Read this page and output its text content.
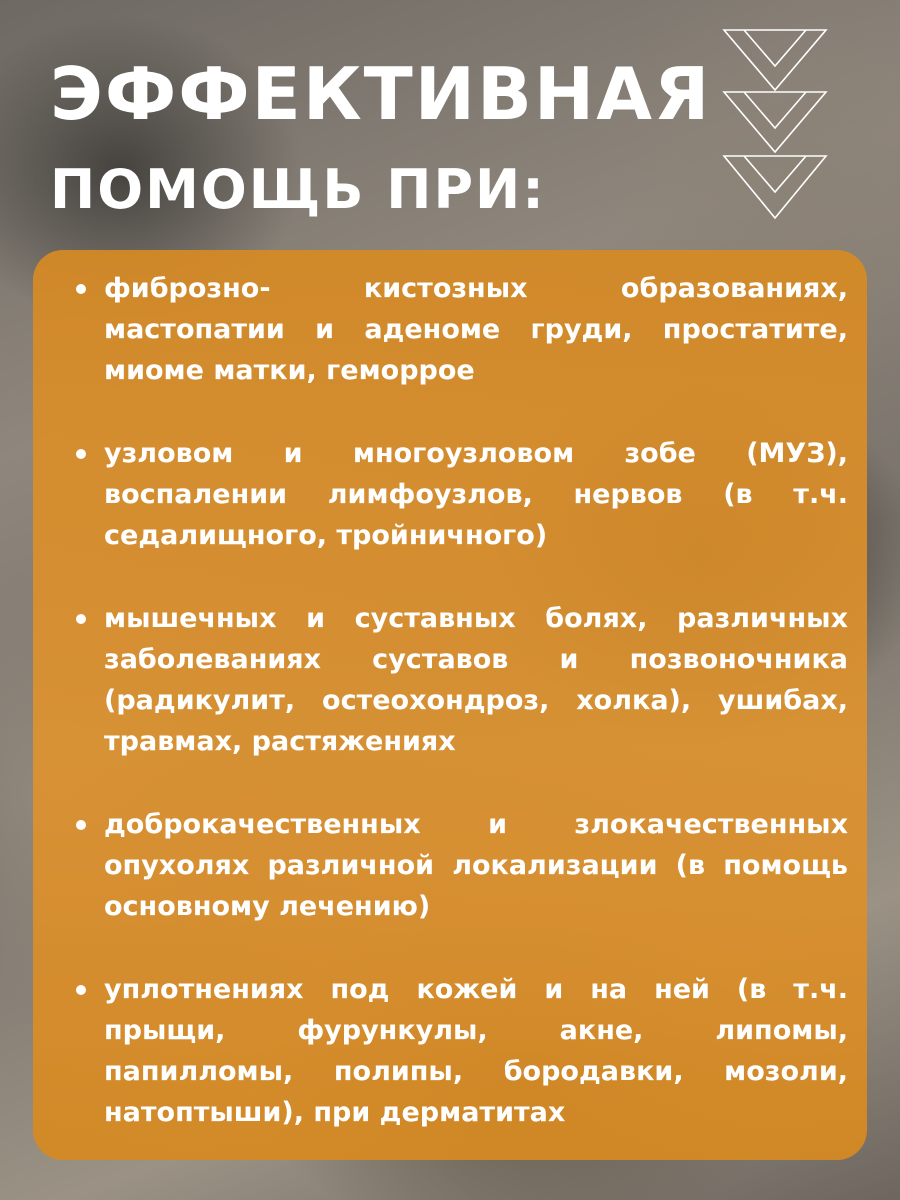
ЭФФЕКТИВНАЯ
ПОМОЩЬ ПРИ:
фиброзно- кистозных образованиях, мастопатии и аденоме груди, простатите, миоме матки, геморрое
узловом и многоузловом зобе (МУЗ), воспалении лимфоузлов, нервов (в т.ч. седалищного, тройничного)
мышечных и суставных болях, различных заболеваниях суставов и позвоночника (радикулит, остеохондроз, холка), ушибах, травмах, растяжениях
доброкачественных и злокачественных опухолях различной локализации (в помощь основному лечению)
уплотнениях под кожей и на ней (в т.ч. прыщи, фурункулы, акне, липомы, папилломы, полипы, бородавки, мозоли, натоптыши), при дерматитах
